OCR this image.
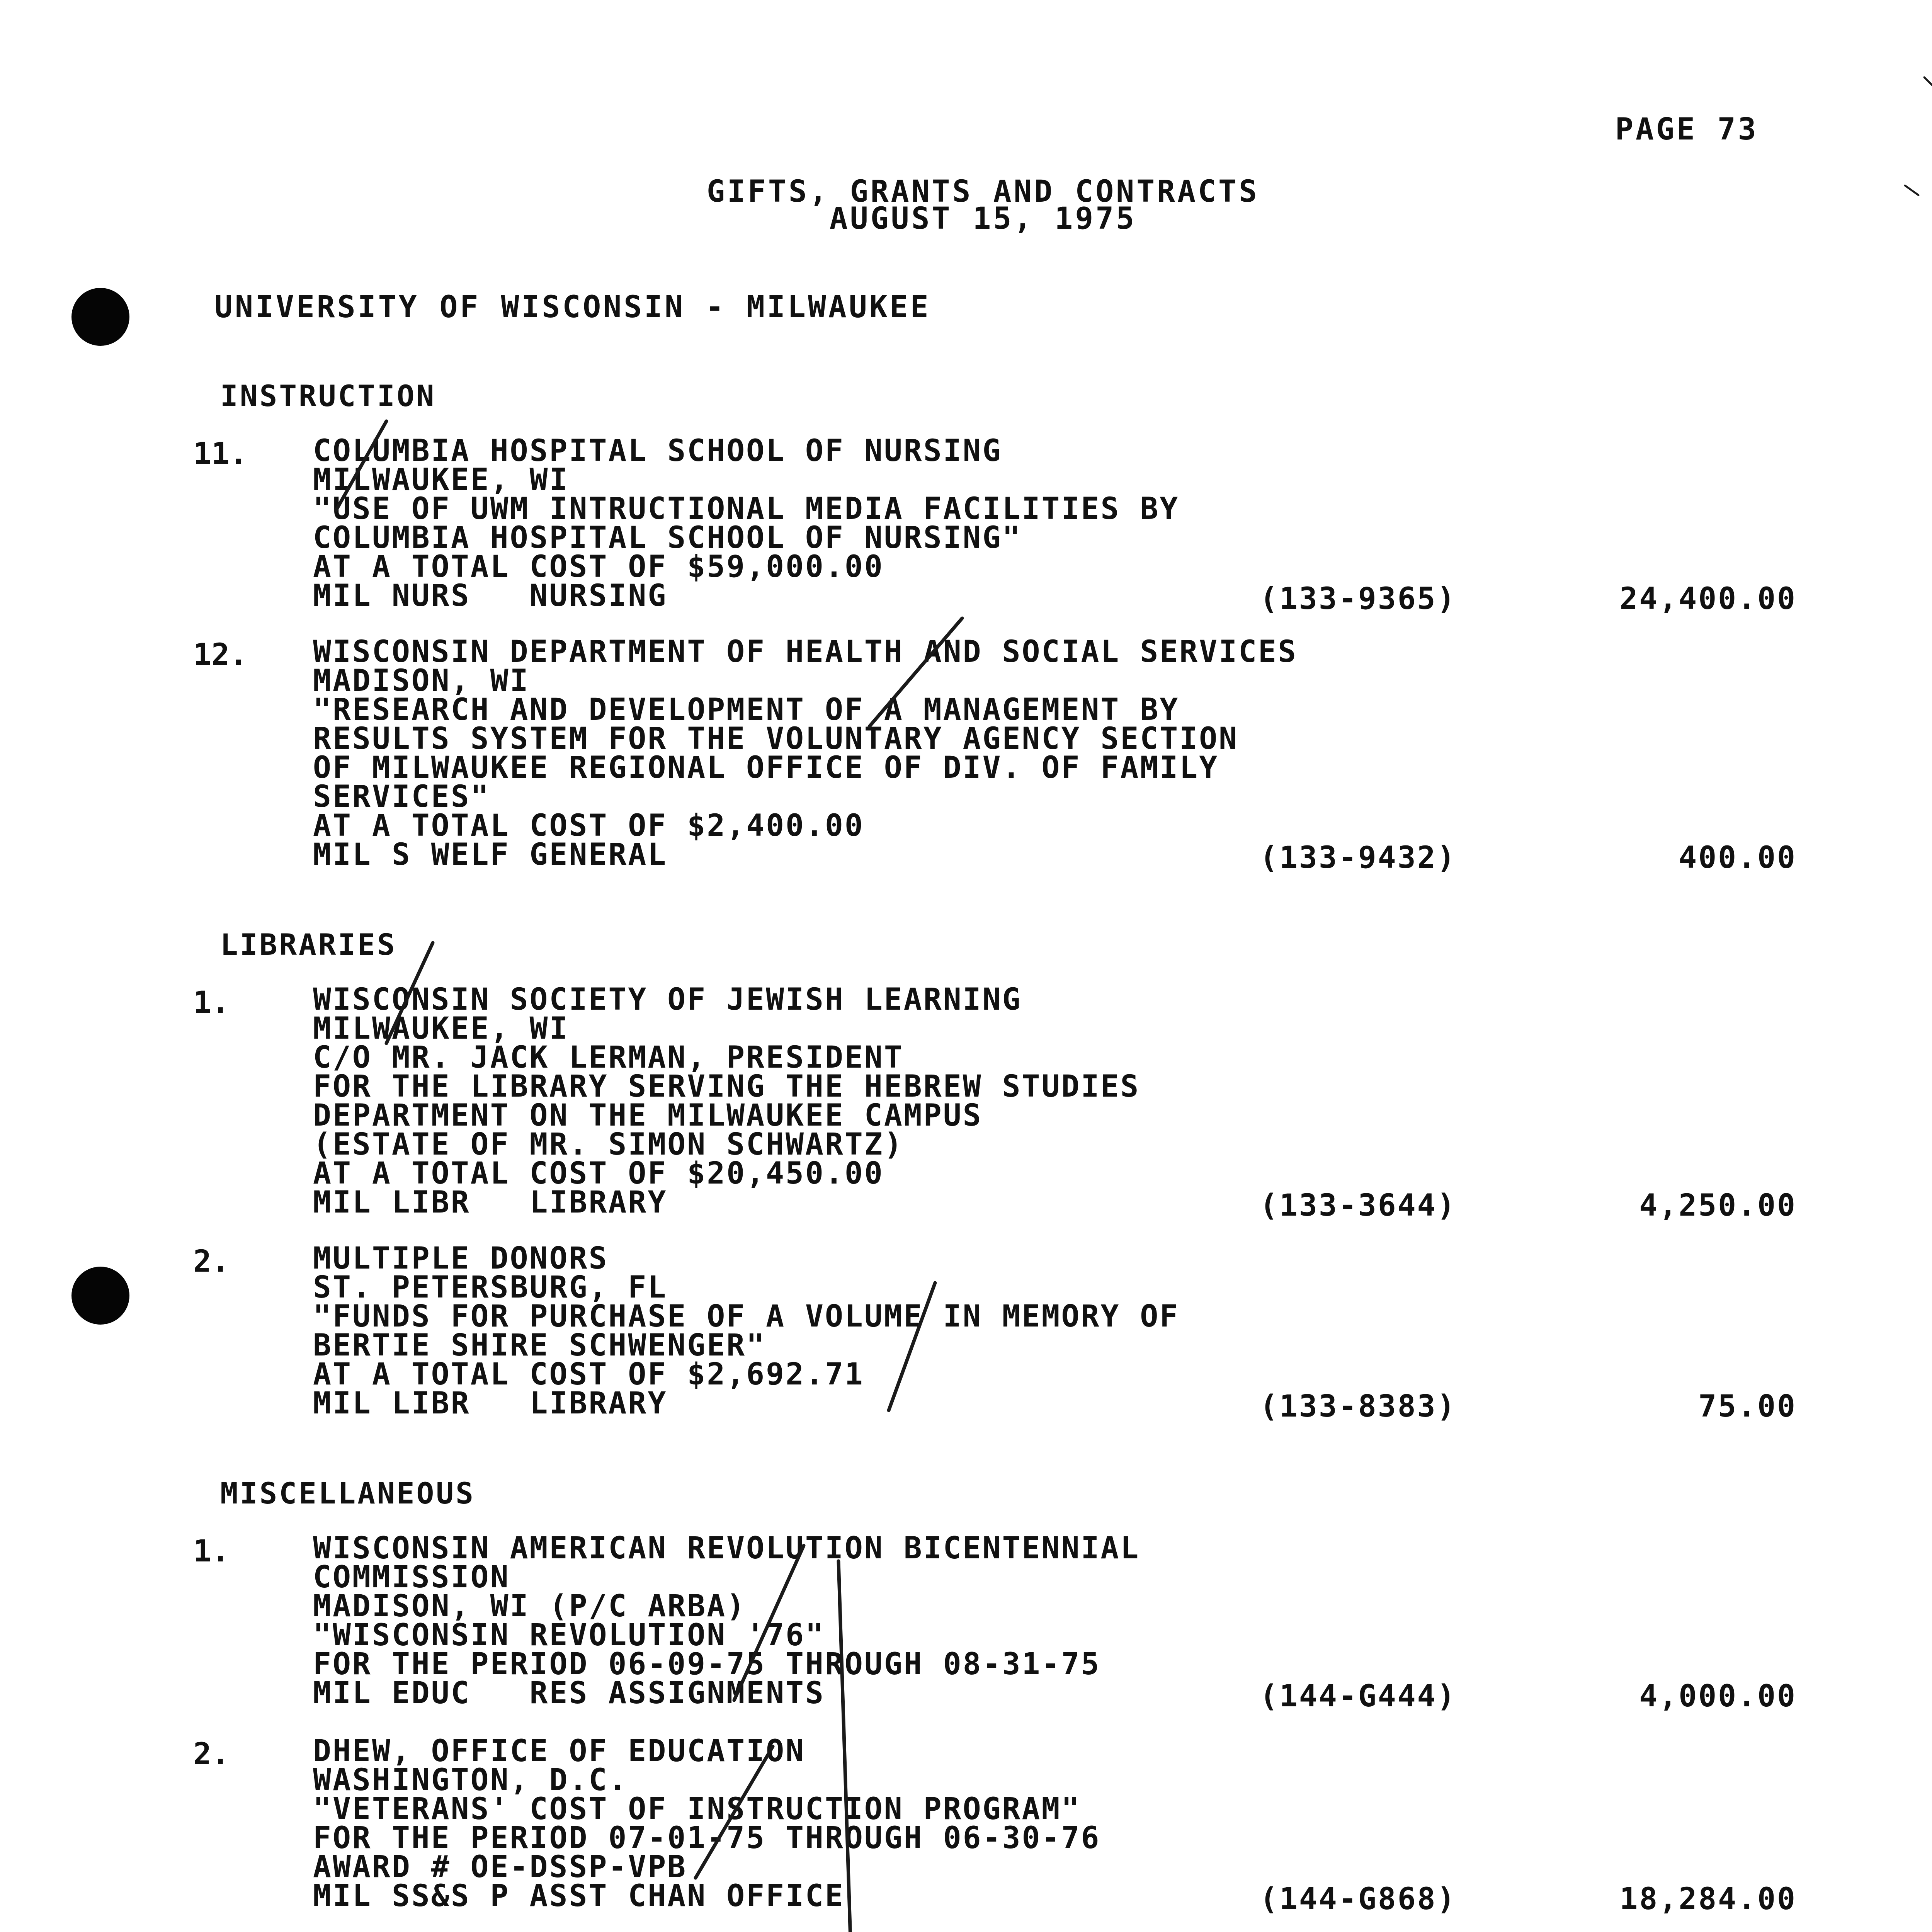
PAGE 73
GIFTS, GRANTS AND CONTRACTS
AUGUST 15, 1975
UNIVERSITY OF WISCONSIN - MILWAUKEE
INSTRUCTION
11. COLUMBIA HOSPITAL SCHOOL OF NURSING
MILWAUKEE, WI
"USE OF UWM INTRUCTIONAL MEDIA FACILITIES BY
COLUMBIA HOSPITAL SCHOOL OF NURSING"
AT A TOTAL COST OF $59,000.00
MIL NURS   NURSING	(133-9365)	24,400.00
12. WISCONSIN DEPARTMENT OF HEALTH AND SOCIAL SERVICES
MADISON, WI
"RESEARCH AND DEVELOPMENT OF A MANAGEMENT BY
RESULTS SYSTEM FOR THE VOLUNTARY AGENCY SECTION
OF MILWAUKEE REGIONAL OFFICE OF DIV. OF FAMILY
SERVICES"
AT A TOTAL COST OF $2,400.00
MIL S WELF GENERAL	(133-9432)	400.00
LIBRARIES
1.	WISCONSIN SOCIETY OF JEWISH LEARNING
MILWAUKEE, WI
C/O MR. JACK LERMAN, PRESIDENT
FOR THE LIBRARY SERVING THE HEBREW STUDIES
DEPARTMENT ON THE MILWAUKEE CAMPUS
(ESTATE OF MR. SIMON SCHWARTZ)
AT A TOTAL COST OF $20,450.00
MIL LIBR   LIBRARY	(133-3644)	4,250.00
2.	MULTIPLE DONORS
ST. PETERSBURG, FL
"FUNDS FOR PURCHASE OF A VOLUME IN MEMORY OF
BERTIE SHIRE SCHWENGER"
AT A TOTAL COST OF $2,692.71
MIL LIBR   LIBRARY	(133-8383)	75.00
MISCELLANEOUS
1.	WISCONSIN AMERICAN REVOLUTION BICENTENNIAL
COMMISSION
MADISON, WI (P/C ARBA)
"WISCONSIN REVOLUTION '76"
FOR THE PERIOD 06-09-75 THROUGH 08-31-75
MIL EDUC   RES ASSIGNMENTS	(144-G444)	4,000.00
2.	DHEW, OFFICE OF EDUCATION
WASHINGTON, D.C.
"VETERANS' COST OF INSTRUCTION PROGRAM"
FOR THE PERIOD 07-01-75 THROUGH 06-30-76
AWARD # OE-DSSP-VPB
MIL SS&S P ASST CHAN OFFICE	(144-G868)	18,284.00
